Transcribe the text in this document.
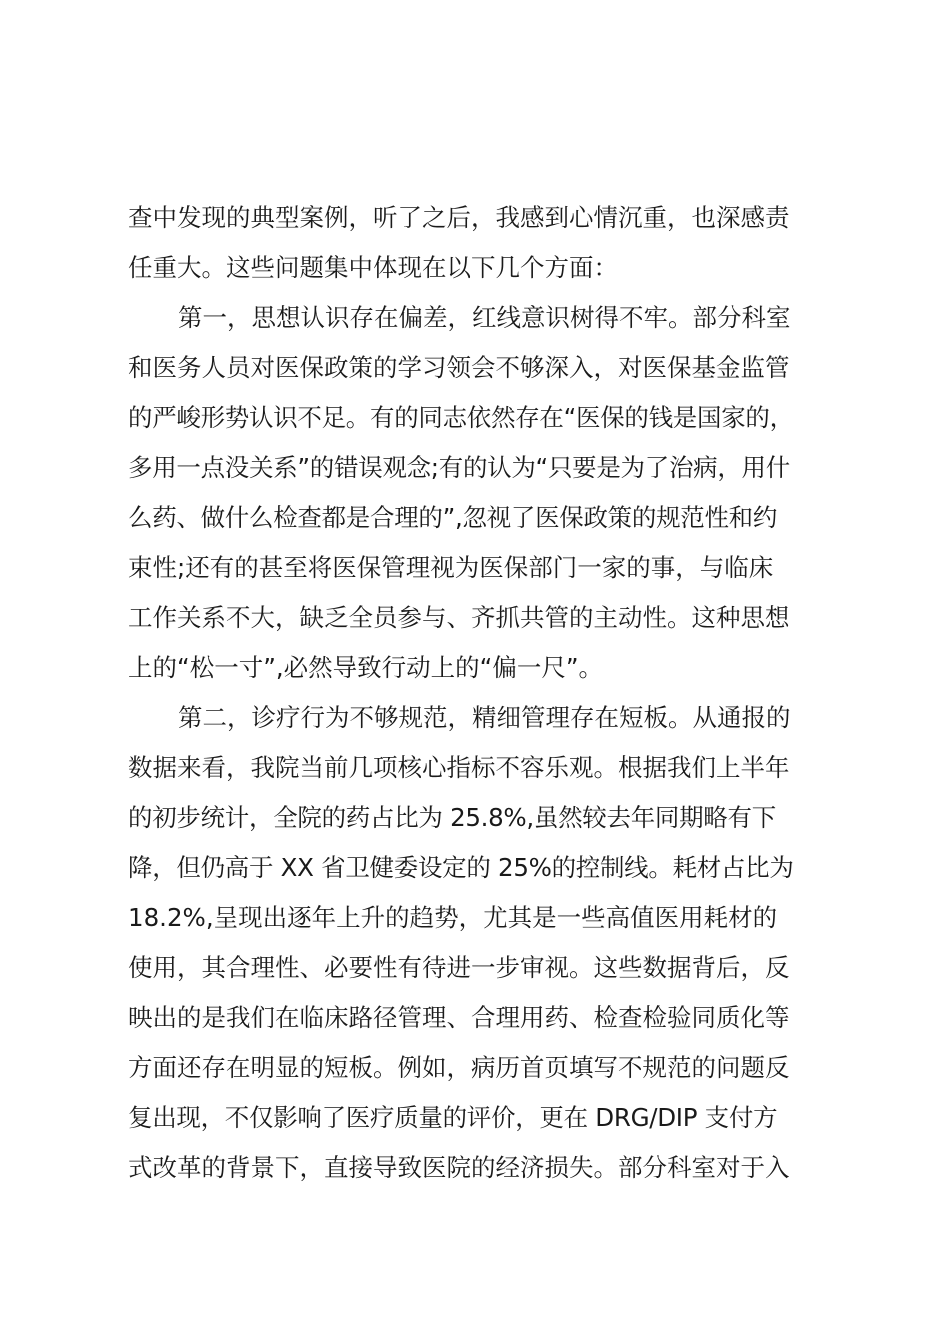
查中发现的典型案例，听了之后，我感到心情沉重，也深感责
任重大。这些问题集中体现在以下几个方面：
第一，思想认识存在偏差，红线意识树得不牢。部分科室
和医务人员对医保政策的学习领会不够深入，对医保基金监管
的严峻形势认识不足。有的同志依然存在“医保的钱是国家的，
多用一点没关系”的错误观念;有的认为“只要是为了治病，用什
么药、做什么检查都是合理的”,忽视了医保政策的规范性和约
束性;还有的甚至将医保管理视为医保部门一家的事，与临床
工作关系不大，缺乏全员参与、齐抓共管的主动性。这种思想
上的“松一寸”,必然导致行动上的“偏一尺”。
第二，诊疗行为不够规范，精细管理存在短板。从通报的
数据来看，我院当前几项核心指标不容乐观。根据我们上半年
的初步统计，全院的药占比为 25.8%,虽然较去年同期略有下
降，但仍高于 XX 省卫健委设定的 25%的控制线。耗材占比为
18.2%,呈现出逐年上升的趋势，尤其是一些高值医用耗材的
使用，其合理性、必要性有待进一步审视。这些数据背后，反
映出的是我们在临床路径管理、合理用药、检查检验同质化等
方面还存在明显的短板。例如，病历首页填写不规范的问题反
复出现，不仅影响了医疗质量的评价，更在 DRG/DIP 支付方
式改革的背景下，直接导致医院的经济损失。部分科室对于入
